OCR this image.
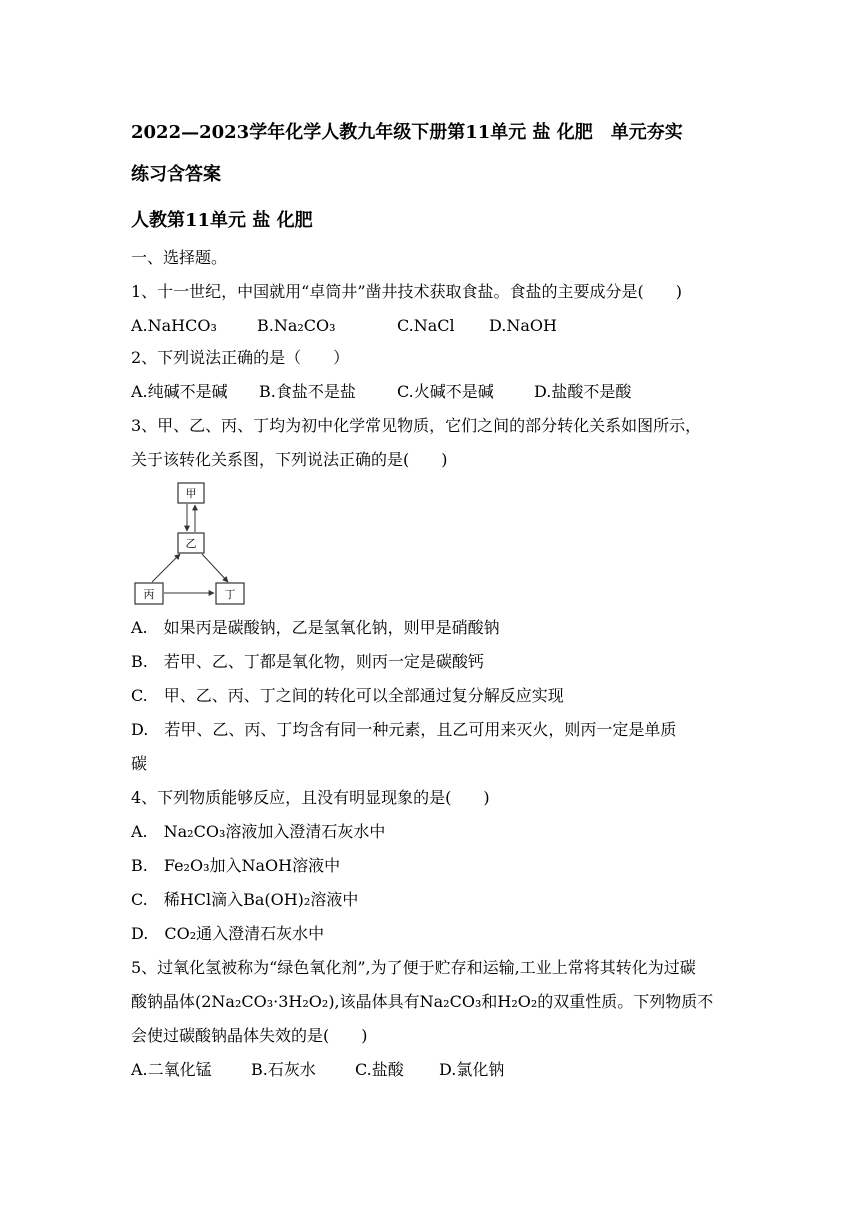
2022—2023学年化学人教九年级下册第11单元 盐 化肥　单元夯实
练习含答案
人教第11单元 盐 化肥
一、选择题。
1、十一世纪，中国就用“卓筒井”凿井技术获取食盐。食盐的主要成分是(　　)
A.NaHCO₃	B.Na₂CO₃	C.NaCl D.NaOH
2、下列说法正确的是（　　）
A.纯碱不是碱 B.食盐不是盐	C.火碱不是碱	D.盐酸不是酸
3、甲、乙、丙、丁均为初中化学常见物质，它们之间的部分转化关系如图所示，
关于该转化关系图，下列说法正确的是(　　)
甲
乙
丙	丁
A.　如果丙是碳酸钠，乙是氢氧化钠，则甲是硝酸钠
B.　若甲、乙、丁都是氧化物，则丙一定是碳酸钙
C.　甲、乙、丙、丁之间的转化可以全部通过复分解反应实现
D.　若甲、乙、丙、丁均含有同一种元素，且乙可用来灭火，则丙一定是单质
碳
4、下列物质能够反应，且没有明显现象的是(　　)
A.　Na₂CO₃溶液加入澄清石灰水中
B.　Fe₂O₃加入NaOH溶液中
C.　稀HCl滴入Ba(OH)₂溶液中
D.　CO₂通入澄清石灰水中
5、过氧化氢被称为“绿色氧化剂”,为了便于贮存和运输,工业上常将其转化为过碳
酸钠晶体(2Na₂CO₃·3H₂O₂),该晶体具有Na₂CO₃和H₂O₂的双重性质。下列物质不
会使过碳酸钠晶体失效的是(　　)
A.二氧化锰 B.石灰水 C.盐酸 D.氯化钠
